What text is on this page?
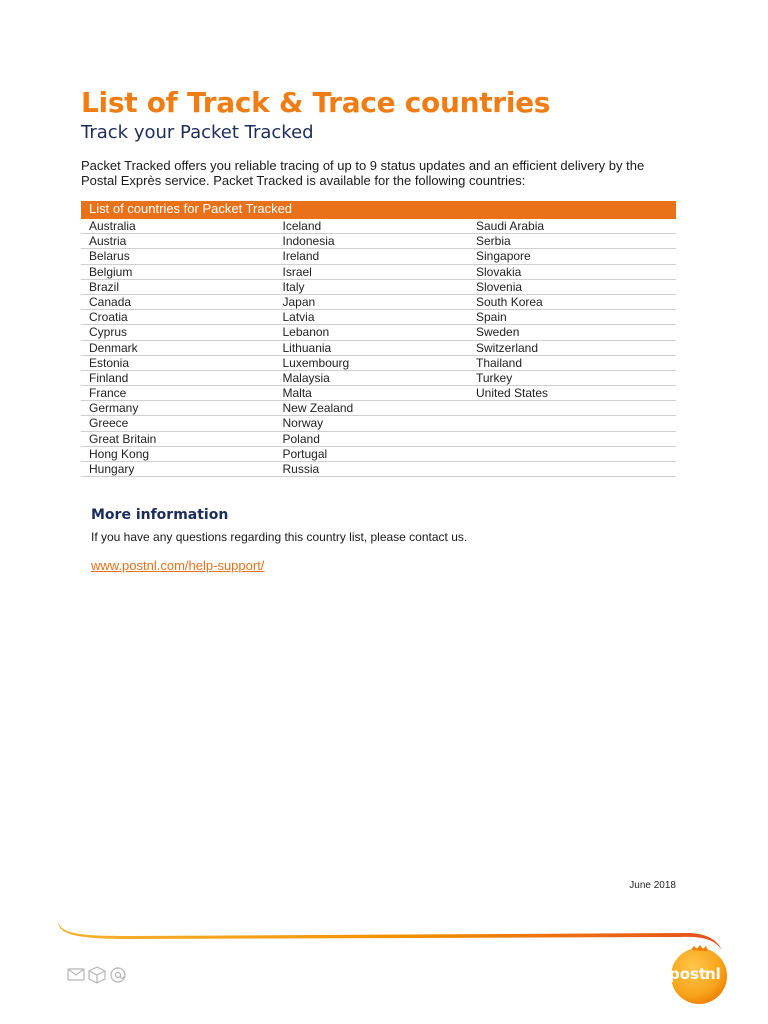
List of Track & Trace countries
Track your Packet Tracked

Packet Tracked offers you reliable tracing of up to 9 status updates and an efficient delivery by the
Postal Exprès service. Packet Tracked is available for the following countries:

List of countries for Packet Tracked
Australia	Iceland	Saudi Arabia
Austria	Indonesia	Serbia
Belarus	Ireland	Singapore
Belgium	Israel	Slovakia
Brazil	Italy	Slovenia
Canada	Japan	South Korea
Croatia	Latvia	Spain
Cyprus	Lebanon	Sweden
Denmark	Lithuania	Switzerland
Estonia	Luxembourg	Thailand
Finland	Malaysia	Turkey
France	Malta	United States
Germany	New Zealand
Greece	Norway
Great Britain	Poland
Hong Kong	Portugal
Hungary	Russia
More information

If you have any questions regarding this country list, please contact us.

www.postnl.com/help-support/
June 2018
post
nl
